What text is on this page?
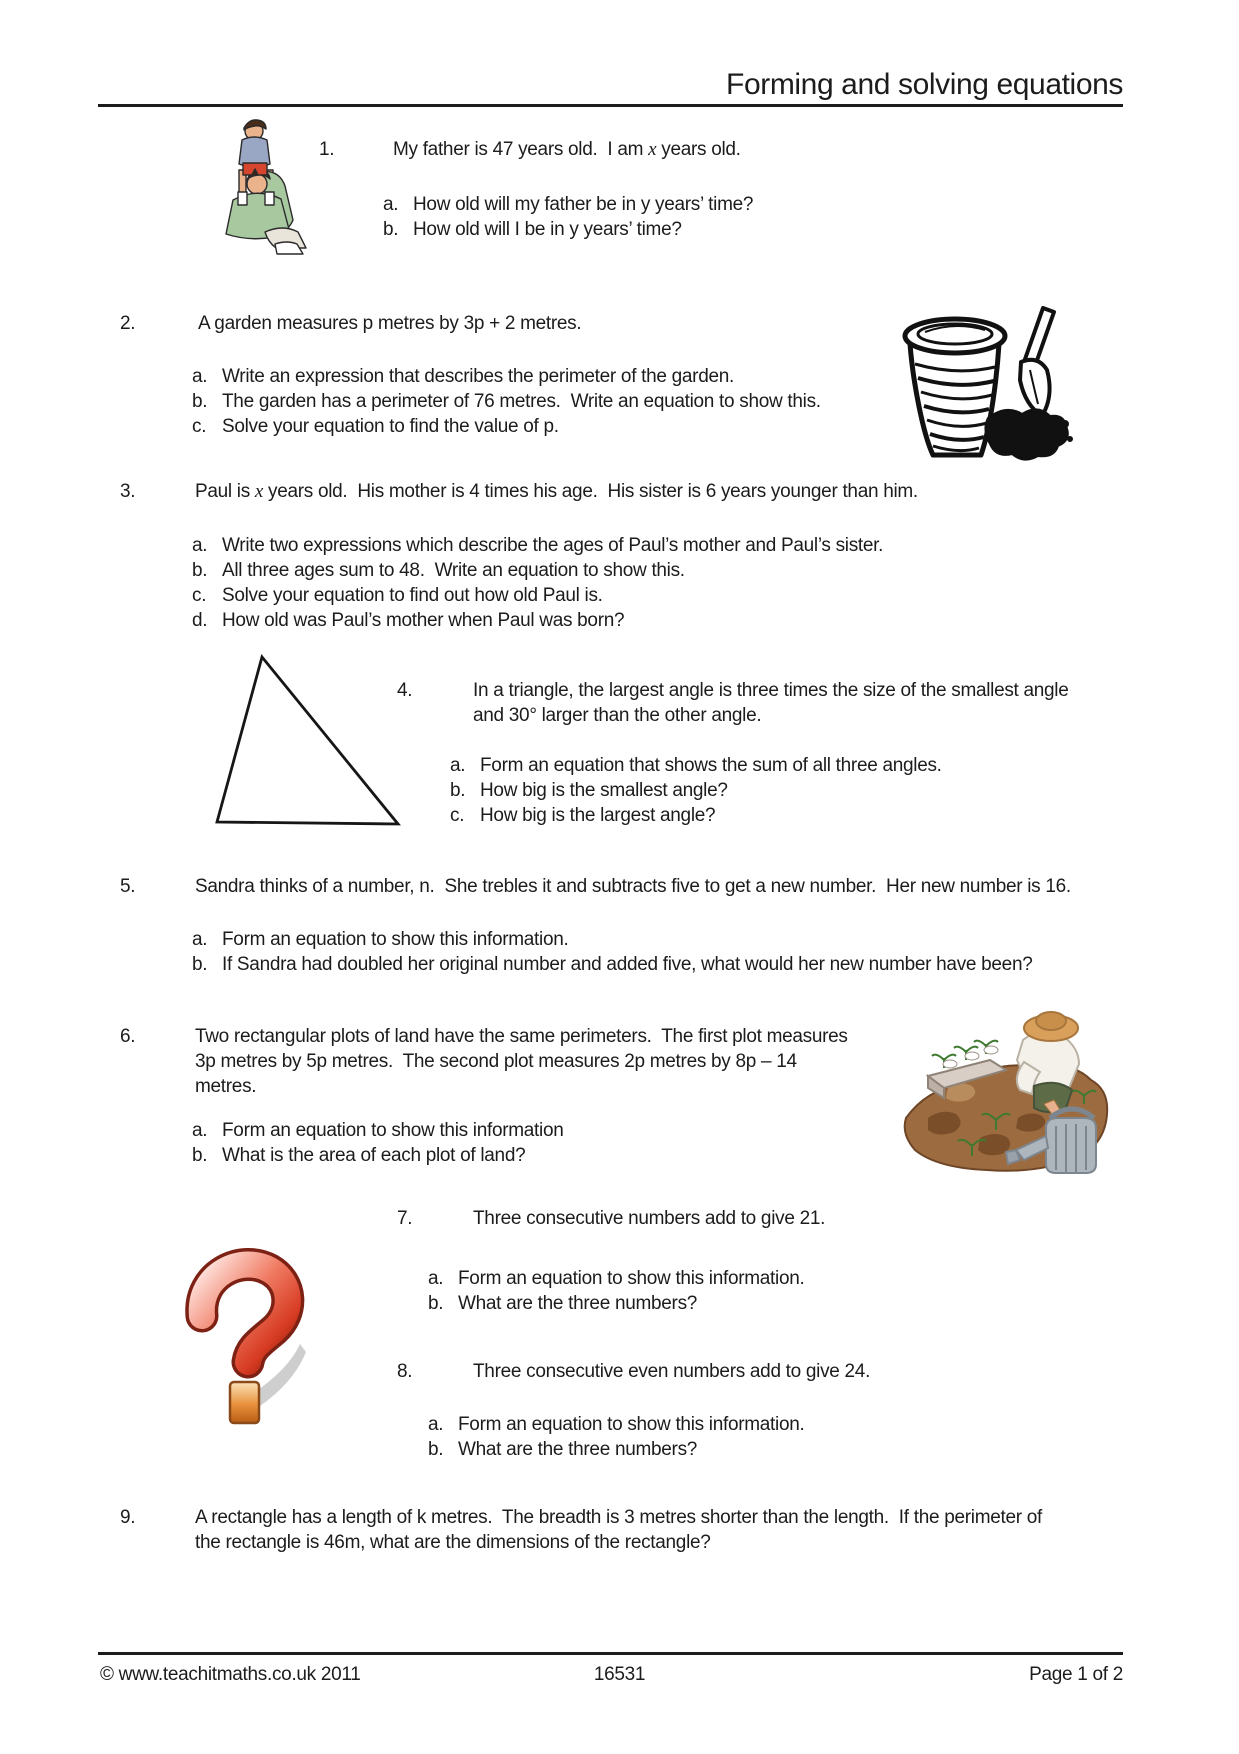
Forming and solving equations
1.	My father is 47 years old.  I am x years old.
a. How old will my father be in y years’ time?
b. How old will I be in y years’ time?
2.	A garden measures p metres by 3p + 2 metres.
a. Write an expression that describes the perimeter of the garden.
b. The garden has a perimeter of 76 metres.  Write an equation to show this.
c. Solve your equation to find the value of p.
3.	Paul is x years old.  His mother is 4 times his age.  His sister is 6 years younger than him.
a. Write two expressions which describe the ages of Paul’s mother and Paul’s sister.
b. All three ages sum to 48.  Write an equation to show this.
c. Solve your equation to find out how old Paul is.
d. How old was Paul’s mother when Paul was born?
4.	In a triangle, the largest angle is three times the size of the smallest angle
and 30° larger than the other angle.
a. Form an equation that shows the sum of all three angles.
b. How big is the smallest angle?
c. How big is the largest angle?
5.	Sandra thinks of a number, n.  She trebles it and subtracts five to get a new number.  Her new number is 16.
a. Form an equation to show this information.
b. If Sandra had doubled her original number and added five, what would her new number have been?
6.	Two rectangular plots of land have the same perimeters.  The first plot measures
3p metres by 5p metres.  The second plot measures 2p metres by 8p – 14
metres.
a. Form an equation to show this information
b. What is the area of each plot of land?
7.	Three consecutive numbers add to give 21.
a. Form an equation to show this information.
b. What are the three numbers?
8.	Three consecutive even numbers add to give 24.
a. Form an equation to show this information.
b. What are the three numbers?
9.	A rectangle has a length of k metres.  The breadth is 3 metres shorter than the length.  If the perimeter of
the rectangle is 46m, what are the dimensions of the rectangle?
© www.teachitmaths.co.uk 2011	16531	Page 1 of 2
